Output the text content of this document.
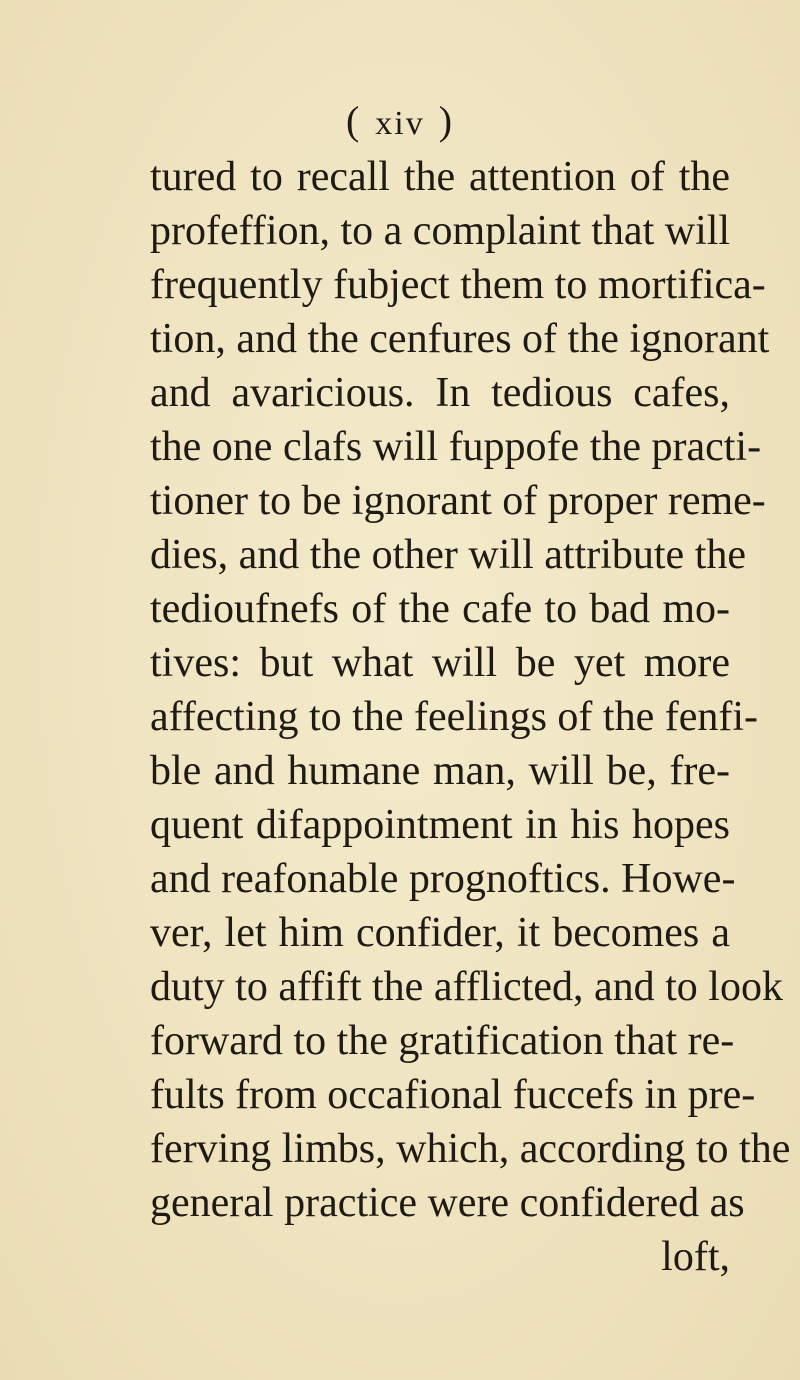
( xiv )
tured to recall the attention of the
profeffion, to a complaint that will
frequently fubject them to mortifica-
tion, and the cenfures of the ignorant
and avaricious. In tedious cafes,
the one clafs will fuppofe the practi-
tioner to be ignorant of proper reme-
dies, and the other will attribute the
tedioufnefs of the cafe to bad mo-
tives: but what will be yet more
affecting to the feelings of the fenfi-
ble and humane man, will be, fre-
quent difappointment in his hopes
and reafonable prognoftics. Howe-
ver, let him confider, it becomes a
duty to affift the afflicted, and to look
forward to the gratification that re-
fults from occafional fuccefs in pre-
ferving limbs, which, according to the
general practice were confidered as
loft,
